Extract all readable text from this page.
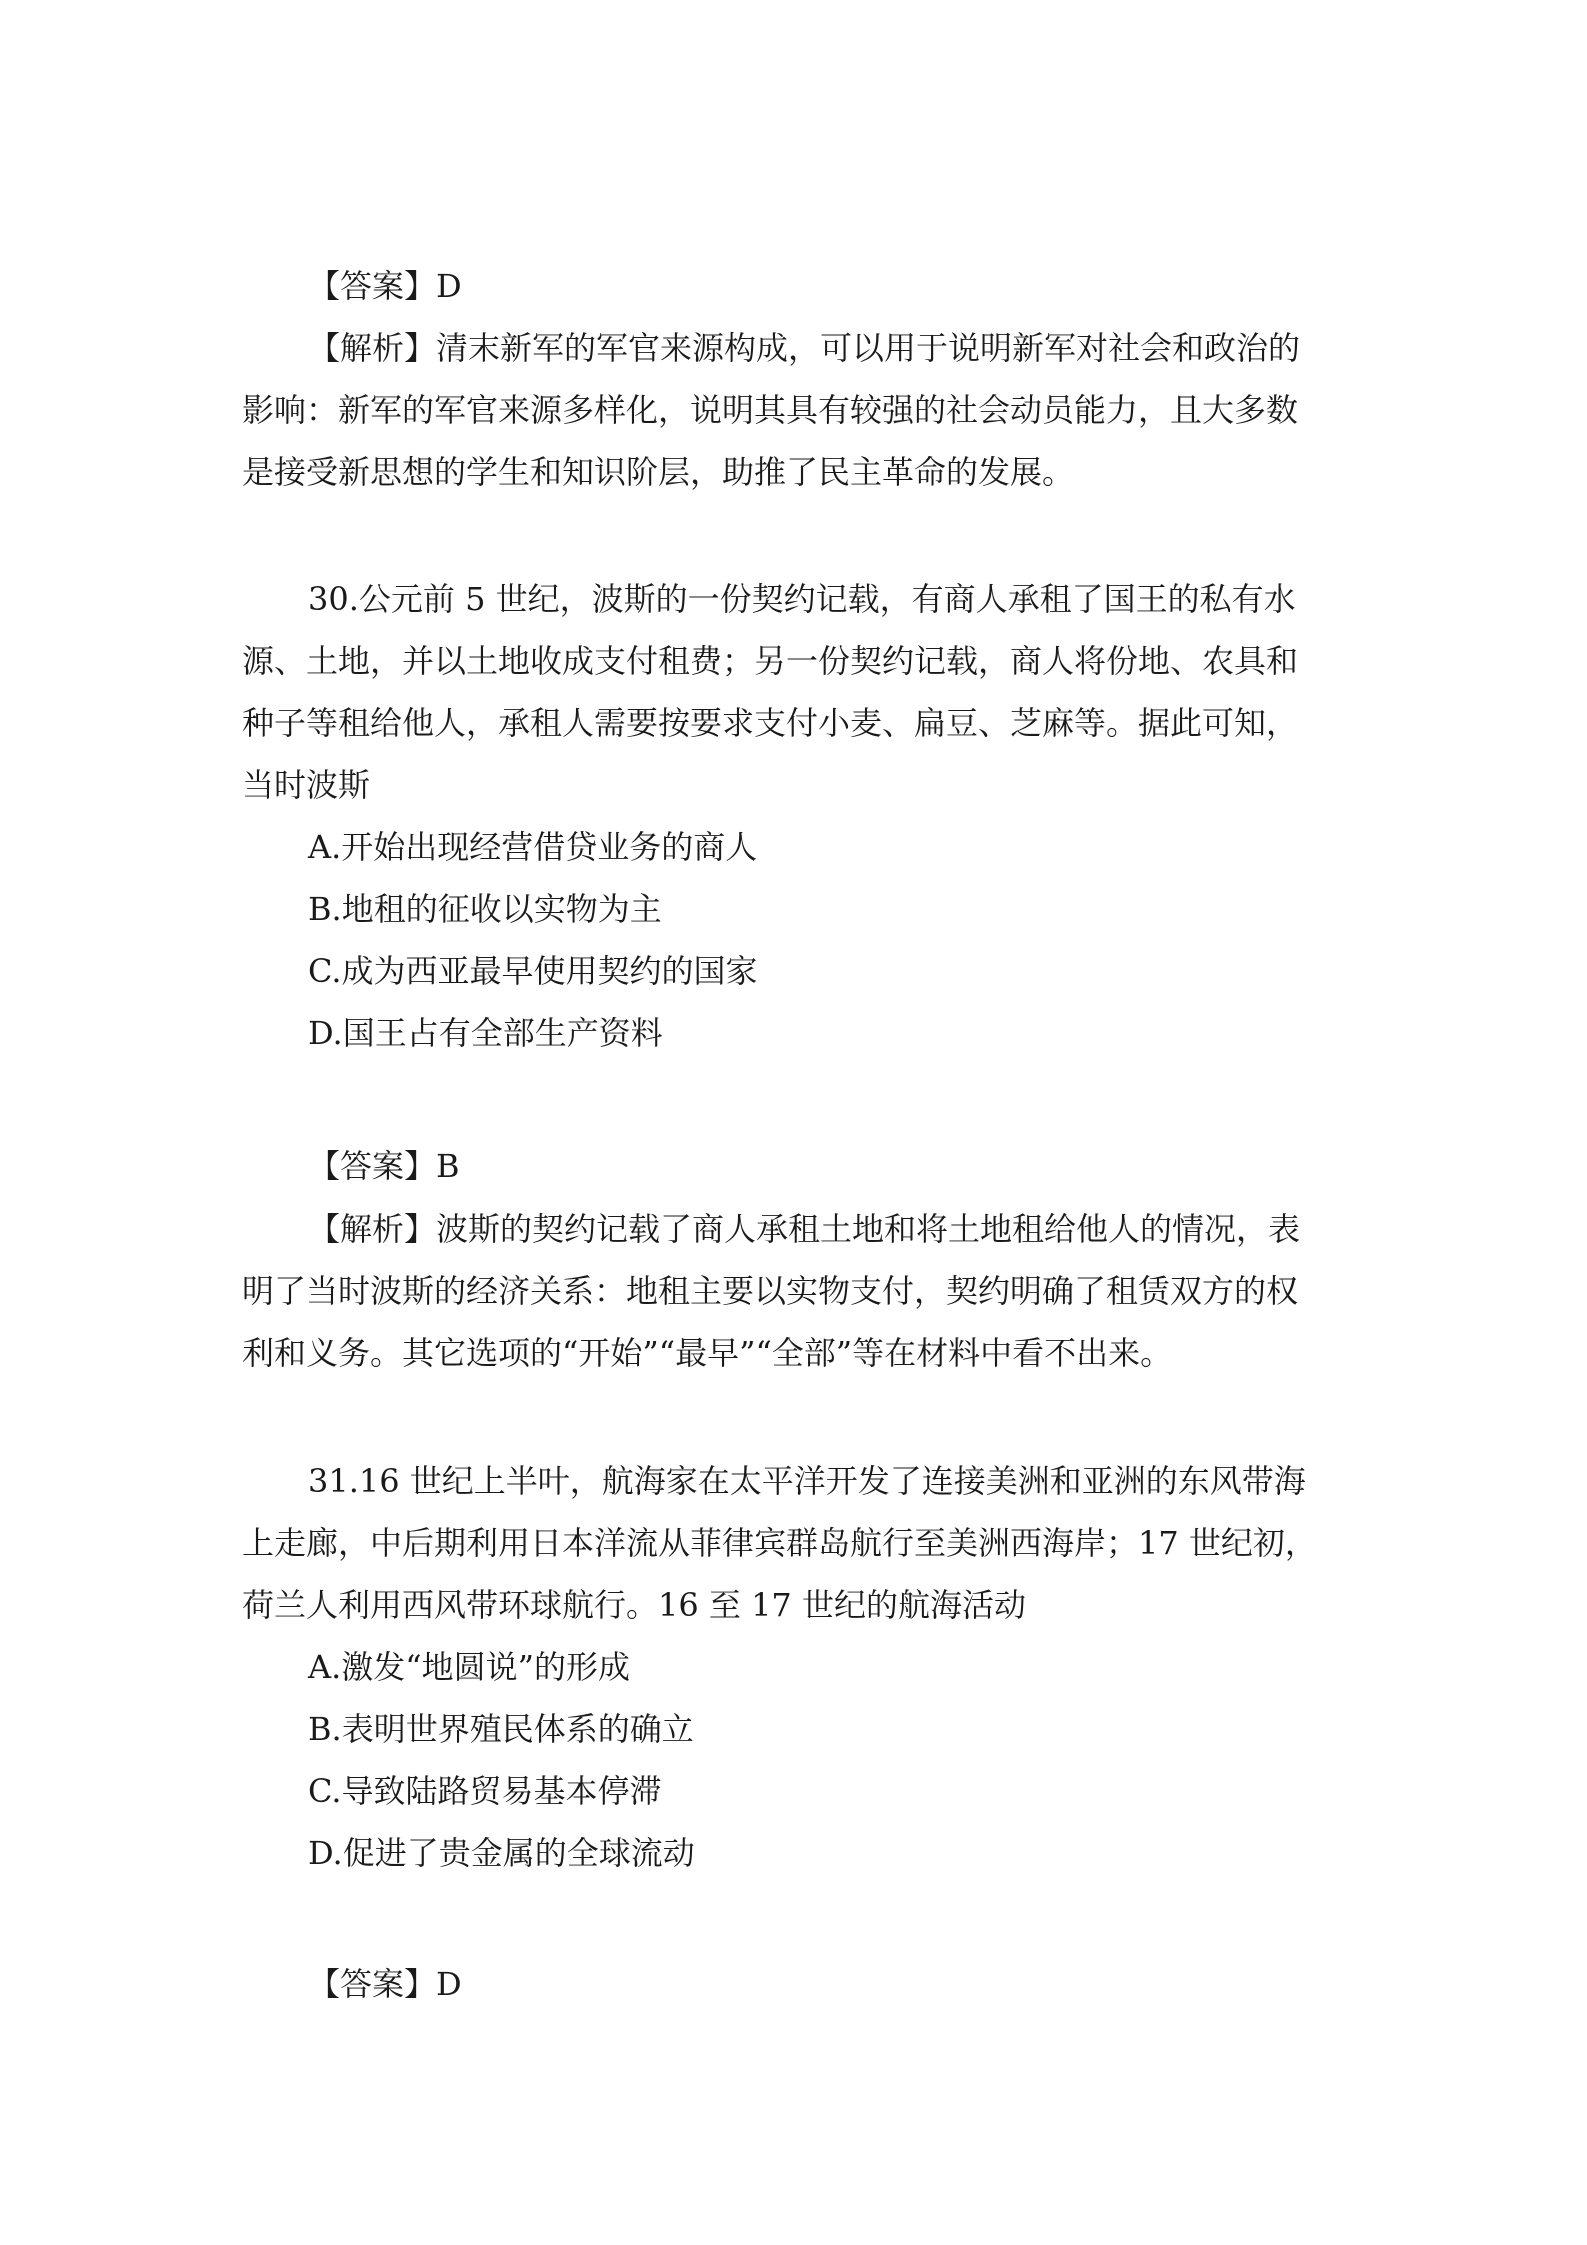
【答案】D

【解析】清末新军的军官来源构成，可以用于说明新军对社会和政治的

影响：新军的军官来源多样化，说明其具有较强的社会动员能力，且大多数

是接受新思想的学生和知识阶层，助推了民主革命的发展。

30.公元前 5 世纪，波斯的一份契约记载，有商人承租了国王的私有水

源、土地，并以土地收成支付租费；另一份契约记载，商人将份地、农具和

种子等租给他人，承租人需要按要求支付小麦、扁豆、芝麻等。据此可知，

当时波斯

A.开始出现经营借贷业务的商人

B.地租的征收以实物为主

C.成为西亚最早使用契约的国家

D.国王占有全部生产资料

【答案】B

【解析】波斯的契约记载了商人承租土地和将土地租给他人的情况，表

明了当时波斯的经济关系：地租主要以实物支付，契约明确了租赁双方的权

利和义务。其它选项的“开始”“最早”“全部”等在材料中看不出来。

31.16 世纪上半叶，航海家在太平洋开发了连接美洲和亚洲的东风带海

上走廊，中后期利用日本洋流从菲律宾群岛航行至美洲西海岸；17 世纪初，

荷兰人利用西风带环球航行。16 至 17 世纪的航海活动

A.激发“地圆说”的形成

B.表明世界殖民体系的确立

C.导致陆路贸易基本停滞

D.促进了贵金属的全球流动

【答案】D
